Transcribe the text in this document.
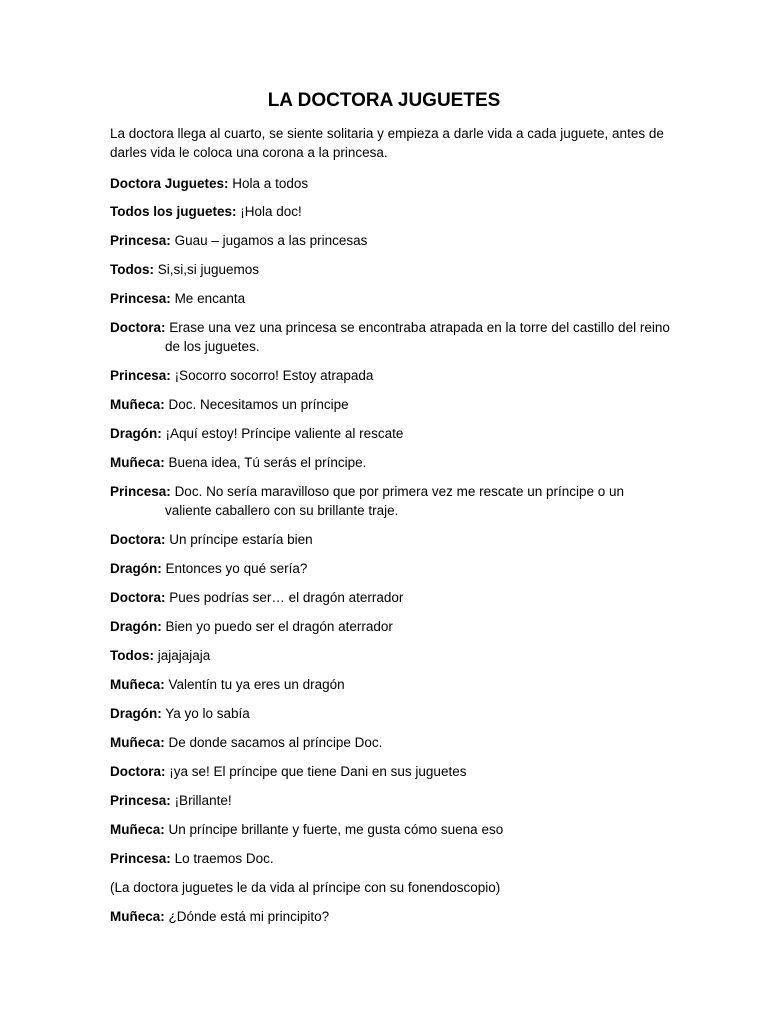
LA DOCTORA JUGUETES
La doctora llega al cuarto, se siente solitaria y empieza a darle vida a cada juguete, antes de darles vida le coloca una corona a la princesa.
Doctora Juguetes: Hola a todos
Todos los juguetes: ¡Hola doc!
Princesa: Guau – jugamos a las princesas
Todos: Si,si,si juguemos
Princesa: Me encanta
Doctora: Erase una vez una princesa se encontraba atrapada en la torre del castillo del reino de los juguetes.
Princesa: ¡Socorro socorro! Estoy atrapada
Muñeca: Doc. Necesitamos un príncipe
Dragón: ¡Aquí estoy! Príncipe valiente al rescate
Muñeca: Buena idea, Tú serás el príncipe.
Princesa: Doc. No sería maravilloso que por primera vez me rescate un príncipe o un valiente caballero con su brillante traje.
Doctora: Un príncipe estaría bien
Dragón: Entonces yo qué sería?
Doctora: Pues podrías ser… el dragón aterrador
Dragón: Bien yo puedo ser el dragón aterrador
Todos: jajajajaja
Muñeca: Valentín tu ya eres un dragón
Dragón: Ya yo lo sabía
Muñeca: De donde sacamos al príncipe Doc.
Doctora: ¡ya se! El príncipe que tiene Dani en sus juguetes
Princesa: ¡Brillante!
Muñeca: Un príncipe brillante y fuerte, me gusta cómo suena eso
Princesa: Lo traemos Doc.
(La doctora juguetes le da vida al príncipe con su fonendoscopio)
Muñeca: ¿Dónde está mi principito?
